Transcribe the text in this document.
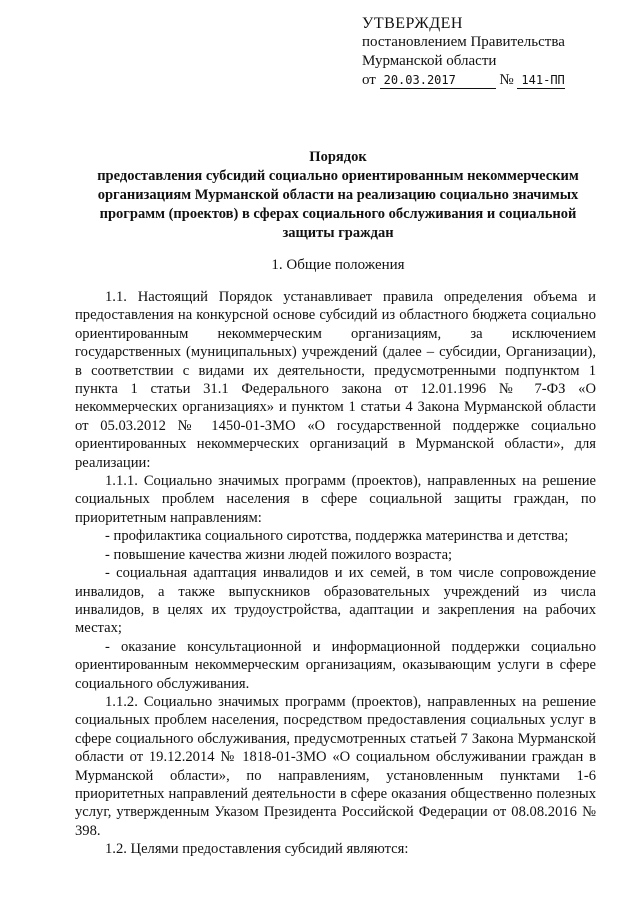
УТВЕРЖДЕН
постановлением Правительства
Мурманской области
от 20.03.2017	№ 141-ПП
Порядок
предоставления субсидий социально ориентированным некоммерческим организациям Мурманской области на реализацию социально значимых программ (проектов) в сферах социального обслуживания и социальной защиты граждан
1. Общие положения

1.1. Настоящий Порядок устанавливает правила определения объема и предоставления на конкурсной основе субсидий из областного бюджета социально ориентированным некоммерческим организациям, за исключением государственных (муниципальных) учреждений (далее – субсидии, Организации), в соответствии с видами их деятельности, предусмотренными подпунктом 1 пункта 1 статьи 31.1 Федерального закона от 12.01.1996 № 7-ФЗ «О некоммерческих организациях» и пунктом 1 статьи 4 Закона Мурманской области от 05.03.2012 № 1450-01-ЗМО «О государственной поддержке социально ориентированных некоммерческих организаций в Мурманской области», для реализации:

1.1.1. Социально значимых программ (проектов), направленных на решение социальных проблем населения в сфере социальной защиты граждан, по приоритетным направлениям:

- профилактика социального сиротства, поддержка материнства и детства;

- повышение качества жизни людей пожилого возраста;

- социальная адаптация инвалидов и их семей, в том числе сопровождение инвалидов, а также выпускников образовательных учреждений из числа инвалидов, в целях их трудоустройства, адаптации и закрепления на рабочих местах;

- оказание консультационной и информационной поддержки социально ориентированным некоммерческим организациям, оказывающим услуги в сфере социального обслуживания.

1.1.2. Социально значимых программ (проектов), направленных на решение социальных проблем населения, посредством предоставления социальных услуг в сфере социального обслуживания, предусмотренных статьей 7 Закона Мурманской области от 19.12.2014 № 1818-01-ЗМО «О социальном обслуживании граждан в Мурманской области», по направлениям, установленным пунктами 1-6 приоритетных направлений деятельности в сфере оказания общественно полезных услуг, утвержденным Указом Президента Российской Федерации от 08.08.2016 № 398.

1.2. Целями предоставления субсидий являются:
